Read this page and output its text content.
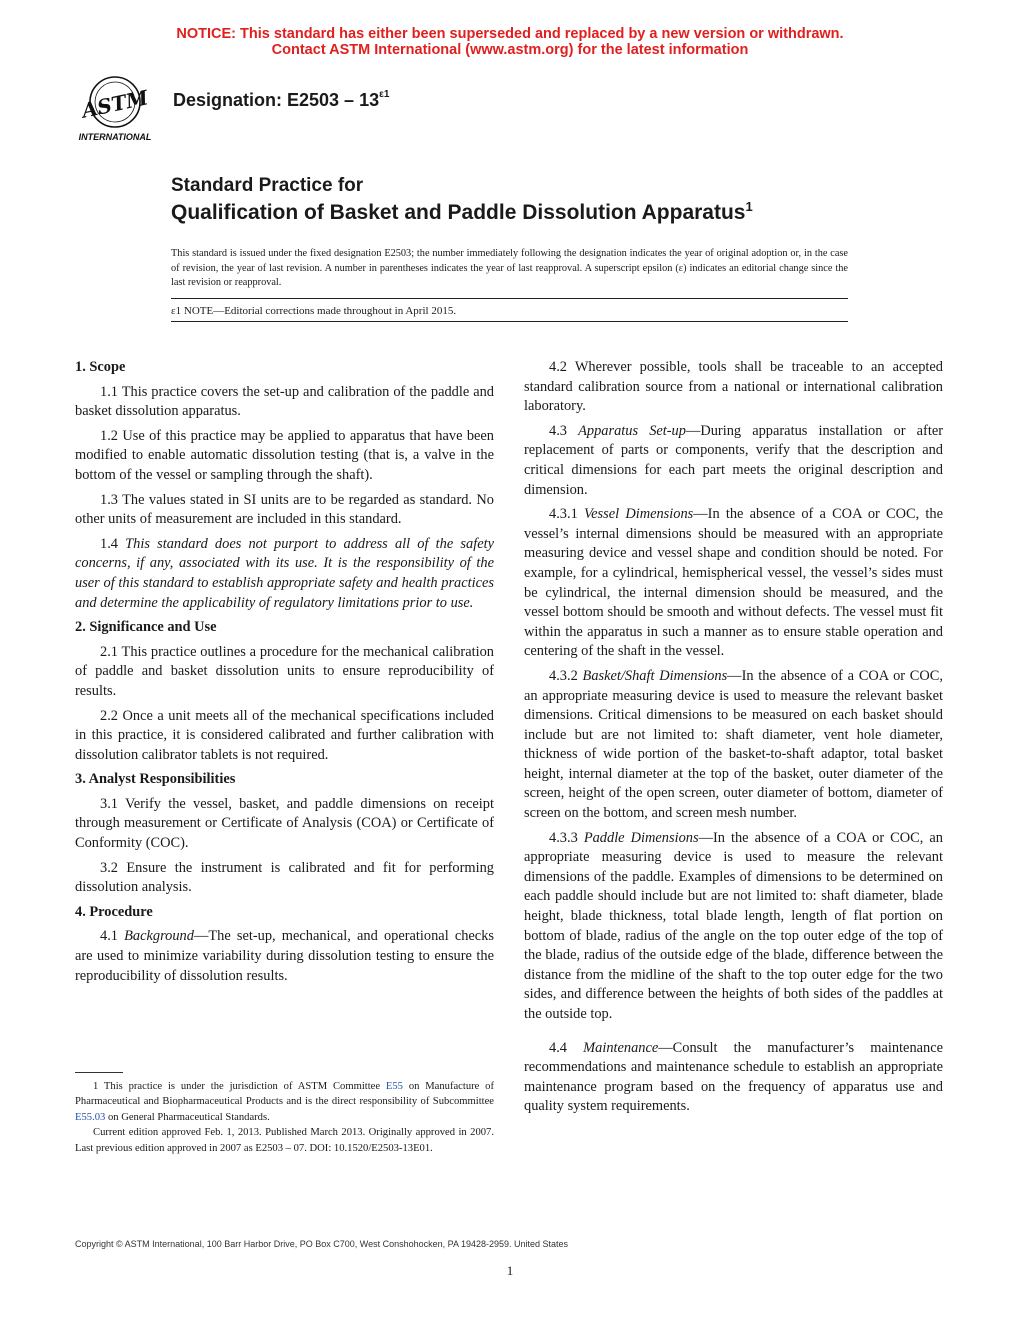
NOTICE: This standard has either been superseded and replaced by a new version or withdrawn.
Contact ASTM International (www.astm.org) for the latest information
ASTM
INTERNATIONAL
Designation: $E2503 - 13^{\varepsilon 1}$
Standard Practice for
Qualification of Basket and Paddle Dissolution Apparatus$^1$
This standard is issued under the fixed designation E2503; the number immediately following the designation indicates the year of original adoption or, in the case of revision, the year of last revision. A number in parentheses indicates the year of last reapproval. A superscript epsilon (ε) indicates an editorial change since the last revision or reapproval.
ε1 NOTE—Editorial corrections made throughout in April 2015.
1. Scope

1.1 This practice covers the set-up and calibration of the paddle and basket dissolution apparatus.

1.2 Use of this practice may be applied to apparatus that have been modified to enable automatic dissolution testing (that is, a valve in the bottom of the vessel or sampling through the shaft).

1.3 The values stated in SI units are to be regarded as standard. No other units of measurement are included in this standard.

1.4 This standard does not purport to address all of the safety concerns, if any, associated with its use. It is the responsibility of the user of this standard to establish appropriate safety and health practices and determine the applicability of regulatory limitations prior to use.

2. Significance and Use

2.1 This practice outlines a procedure for the mechanical calibration of paddle and basket dissolution units to ensure reproducibility of results.

2.2 Once a unit meets all of the mechanical specifications included in this practice, it is considered calibrated and further calibration with dissolution calibrator tablets is not required.

3. Analyst Responsibilities

3.1 Verify the vessel, basket, and paddle dimensions on receipt through measurement or Certificate of Analysis (COA) or Certificate of Conformity (COC).

3.2 Ensure the instrument is calibrated and fit for performing dissolution analysis.

4. Procedure

4.1 Background—The set-up, mechanical, and operational checks are used to minimize variability during dissolution testing to ensure the reproducibility of dissolution results.

4.2 Wherever possible, tools shall be traceable to an accepted standard calibration source from a national or international calibration laboratory.

4.3 Apparatus Set-up—During apparatus installation or after replacement of parts or components, verify that the description and critical dimensions for each part meets the original description and dimension.

4.3.1 Vessel Dimensions—In the absence of a COA or COC, the vessel’s internal dimensions should be measured with an appropriate measuring device and vessel shape and condition should be noted. For example, for a cylindrical, hemispherical vessel, the vessel’s sides must be cylindrical, the internal dimension should be measured, and the vessel bottom should be smooth and without defects. The vessel must fit within the apparatus in such a manner as to ensure stable operation and centering of the shaft in the vessel.

4.3.2 Basket/Shaft Dimensions—In the absence of a COA or COC, an appropriate measuring device is used to measure the relevant basket dimensions. Critical dimensions to be measured on each basket should include but are not limited to: shaft diameter, vent hole diameter, thickness of wide portion of the basket-to-shaft adaptor, total basket height, internal diameter at the top of the basket, outer diameter of the screen, height of the open screen, outer diameter of bottom, diameter of screen on the bottom, and screen mesh number.

4.3.3 Paddle Dimensions—In the absence of a COA or COC, an appropriate measuring device is used to measure the relevant dimensions of the paddle. Examples of dimensions to be determined on each paddle should include but are not limited to: shaft diameter, blade height, blade thickness, total blade length, length of flat portion on bottom of blade, radius of the angle on the top outer edge of the top of the blade, radius of the outside edge of the blade, difference between the distance from the midline of the shaft to the top outer edge for the two sides, and difference between the heights of both sides of the paddles at the outside top.

4.4 Maintenance—Consult the manufacturer’s maintenance recommendations and maintenance schedule to establish an appropriate maintenance program based on the frequency of apparatus use and quality system requirements.

1 This practice is under the jurisdiction of ASTM Committee E55 on Manufacture of Pharmaceutical and Biopharmaceutical Products and is the direct responsibility of Subcommittee E55.03 on General Pharmaceutical Standards.

Current edition approved Feb. 1, 2013. Published March 2013. Originally approved in 2007. Last previous edition approved in 2007 as E2503 – 07. DOI: 10.1520/E2503-13E01.

Copyright © ASTM International, 100 Barr Harbor Drive, PO Box C700, West Conshohocken, PA 19428-2959. United States
1
